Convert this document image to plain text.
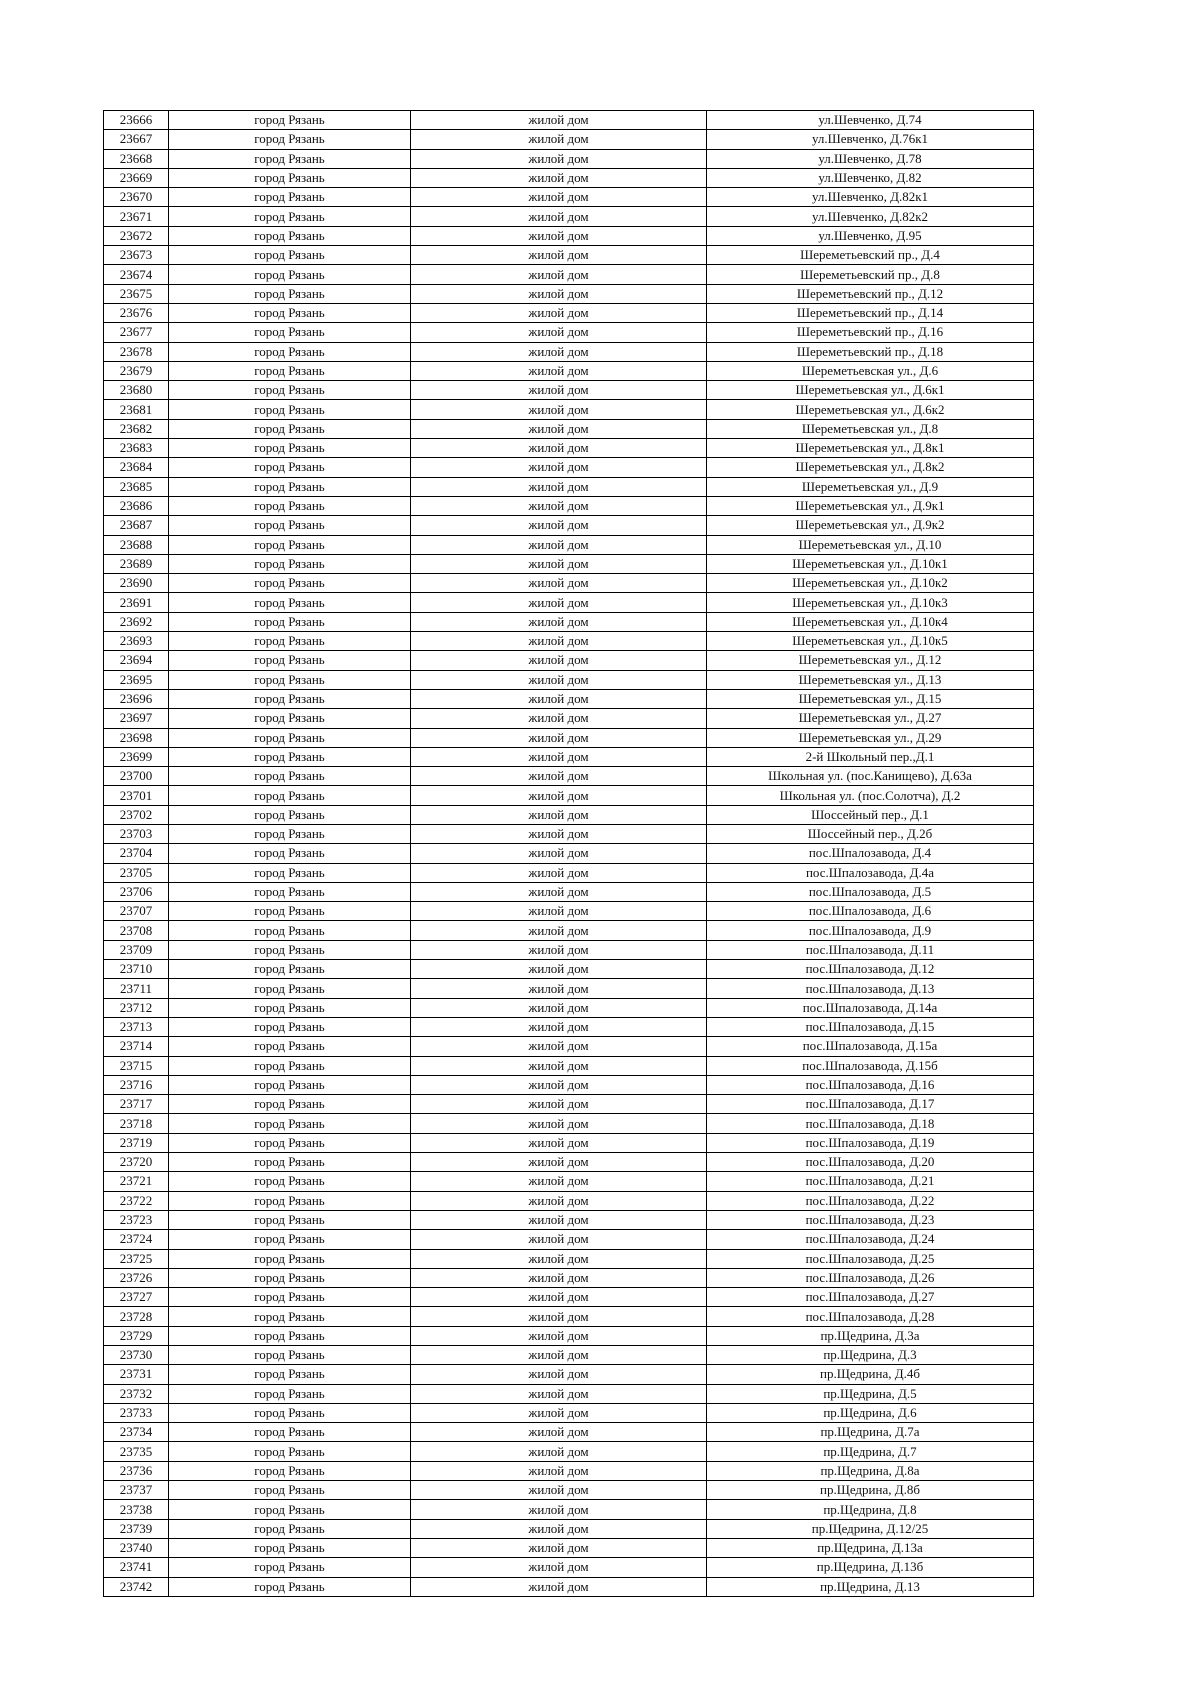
23666	город Рязань	жилой дом	ул.Шевченко, Д.74
23667	город Рязань	жилой дом	ул.Шевченко, Д.76к1
23668	город Рязань	жилой дом	ул.Шевченко, Д.78
23669	город Рязань	жилой дом	ул.Шевченко, Д.82
23670	город Рязань	жилой дом	ул.Шевченко, Д.82к1
23671	город Рязань	жилой дом	ул.Шевченко, Д.82к2
23672	город Рязань	жилой дом	ул.Шевченко, Д.95
23673	город Рязань	жилой дом	Шереметьевский пр., Д.4
23674	город Рязань	жилой дом	Шереметьевский пр., Д.8
23675	город Рязань	жилой дом	Шереметьевский пр., Д.12
23676	город Рязань	жилой дом	Шереметьевский пр., Д.14
23677	город Рязань	жилой дом	Шереметьевский пр., Д.16
23678	город Рязань	жилой дом	Шереметьевский пр., Д.18
23679	город Рязань	жилой дом	Шереметьевская ул., Д.6
23680	город Рязань	жилой дом	Шереметьевская ул., Д.6к1
23681	город Рязань	жилой дом	Шереметьевская ул., Д.6к2
23682	город Рязань	жилой дом	Шереметьевская ул., Д.8
23683	город Рязань	жилой дом	Шереметьевская ул., Д.8к1
23684	город Рязань	жилой дом	Шереметьевская ул., Д.8к2
23685	город Рязань	жилой дом	Шереметьевская ул., Д.9
23686	город Рязань	жилой дом	Шереметьевская ул., Д.9к1
23687	город Рязань	жилой дом	Шереметьевская ул., Д.9к2
23688	город Рязань	жилой дом	Шереметьевская ул., Д.10
23689	город Рязань	жилой дом	Шереметьевская ул., Д.10к1
23690	город Рязань	жилой дом	Шереметьевская ул., Д.10к2
23691	город Рязань	жилой дом	Шереметьевская ул., Д.10к3
23692	город Рязань	жилой дом	Шереметьевская ул., Д.10к4
23693	город Рязань	жилой дом	Шереметьевская ул., Д.10к5
23694	город Рязань	жилой дом	Шереметьевская ул., Д.12
23695	город Рязань	жилой дом	Шереметьевская ул., Д.13
23696	город Рязань	жилой дом	Шереметьевская ул., Д.15
23697	город Рязань	жилой дом	Шереметьевская ул., Д.27
23698	город Рязань	жилой дом	Шереметьевская ул., Д.29
23699	город Рязань	жилой дом	2-й Школьный пер.,Д.1
23700	город Рязань	жилой дом	Школьная ул. (пос.Канищево), Д.63а
23701	город Рязань	жилой дом	Школьная ул. (пос.Солотча), Д.2
23702	город Рязань	жилой дом	Шоссейный пер., Д.1
23703	город Рязань	жилой дом	Шоссейный пер., Д.2б
23704	город Рязань	жилой дом	пос.Шпалозавода, Д.4
23705	город Рязань	жилой дом	пос.Шпалозавода, Д.4а
23706	город Рязань	жилой дом	пос.Шпалозавода, Д.5
23707	город Рязань	жилой дом	пос.Шпалозавода, Д.6
23708	город Рязань	жилой дом	пос.Шпалозавода, Д.9
23709	город Рязань	жилой дом	пос.Шпалозавода, Д.11
23710	город Рязань	жилой дом	пос.Шпалозавода, Д.12
23711	город Рязань	жилой дом	пос.Шпалозавода, Д.13
23712	город Рязань	жилой дом	пос.Шпалозавода, Д.14а
23713	город Рязань	жилой дом	пос.Шпалозавода, Д.15
23714	город Рязань	жилой дом	пос.Шпалозавода, Д.15а
23715	город Рязань	жилой дом	пос.Шпалозавода, Д.15б
23716	город Рязань	жилой дом	пос.Шпалозавода, Д.16
23717	город Рязань	жилой дом	пос.Шпалозавода, Д.17
23718	город Рязань	жилой дом	пос.Шпалозавода, Д.18
23719	город Рязань	жилой дом	пос.Шпалозавода, Д.19
23720	город Рязань	жилой дом	пос.Шпалозавода, Д.20
23721	город Рязань	жилой дом	пос.Шпалозавода, Д.21
23722	город Рязань	жилой дом	пос.Шпалозавода, Д.22
23723	город Рязань	жилой дом	пос.Шпалозавода, Д.23
23724	город Рязань	жилой дом	пос.Шпалозавода, Д.24
23725	город Рязань	жилой дом	пос.Шпалозавода, Д.25
23726	город Рязань	жилой дом	пос.Шпалозавода, Д.26
23727	город Рязань	жилой дом	пос.Шпалозавода, Д.27
23728	город Рязань	жилой дом	пос.Шпалозавода, Д.28
23729	город Рязань	жилой дом	пр.Щедрина, Д.3а
23730	город Рязань	жилой дом	пр.Щедрина, Д.3
23731	город Рязань	жилой дом	пр.Щедрина, Д.4б
23732	город Рязань	жилой дом	пр.Щедрина, Д.5
23733	город Рязань	жилой дом	пр.Щедрина, Д.6
23734	город Рязань	жилой дом	пр.Щедрина, Д.7а
23735	город Рязань	жилой дом	пр.Щедрина, Д.7
23736	город Рязань	жилой дом	пр.Щедрина, Д.8а
23737	город Рязань	жилой дом	пр.Щедрина, Д.8б
23738	город Рязань	жилой дом	пр.Щедрина, Д.8
23739	город Рязань	жилой дом	пр.Щедрина, Д.12/25
23740	город Рязань	жилой дом	пр.Щедрина, Д.13а
23741	город Рязань	жилой дом	пр.Щедрина, Д.13б
23742	город Рязань	жилой дом	пр.Щедрина, Д.13
